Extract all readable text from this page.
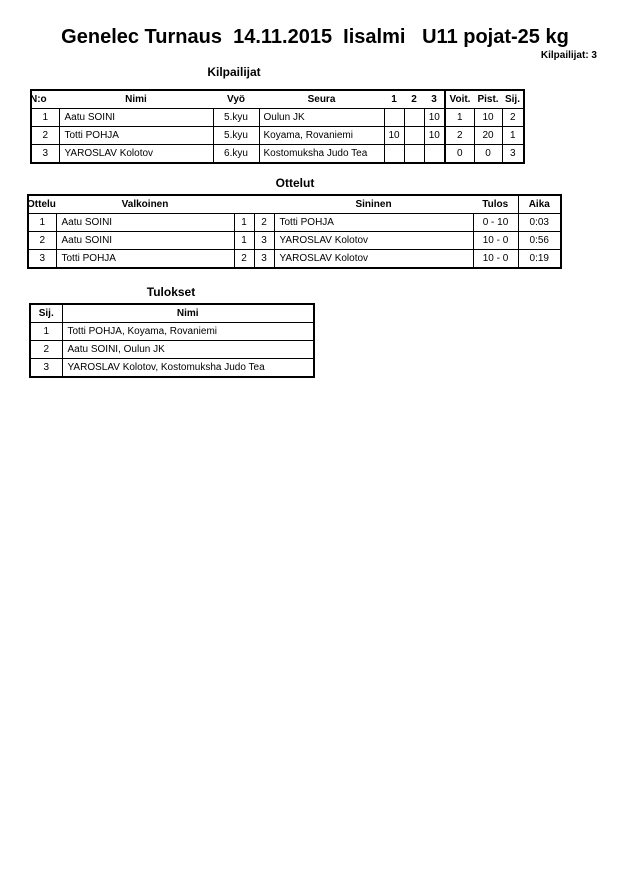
Genelec Turnaus  14.11.2015  Iisalmi   U11 pojat-25 kg
Kilpailijat: 3
Kilpailijat
N:o	Nimi	Vyö	Seura	1	2	3	Voit.	Pist.	Sij.
1	Aatu SOINI	5.kyu	Oulun JK			10	1	10	2
2	Totti POHJA	5.kyu	Koyama, Rovaniemi	10		10	2	20	1
3	YAROSLAV Kolotov	6.kyu	Kostomuksha Judo Tea				0	0	3
Ottelut
Ottelu	Valkoinen			Sininen	Tulos	Aika
1	Aatu SOINI	1	2	Totti POHJA	0 - 10	0:03
2	Aatu SOINI	1	3	YAROSLAV Kolotov	10 - 0	0:56
3	Totti POHJA	2	3	YAROSLAV Kolotov	10 - 0	0:19
Tulokset
Sij.	Nimi
1	Totti POHJA, Koyama, Rovaniemi
2	Aatu SOINI, Oulun JK
3	YAROSLAV Kolotov, Kostomuksha Judo Tea
